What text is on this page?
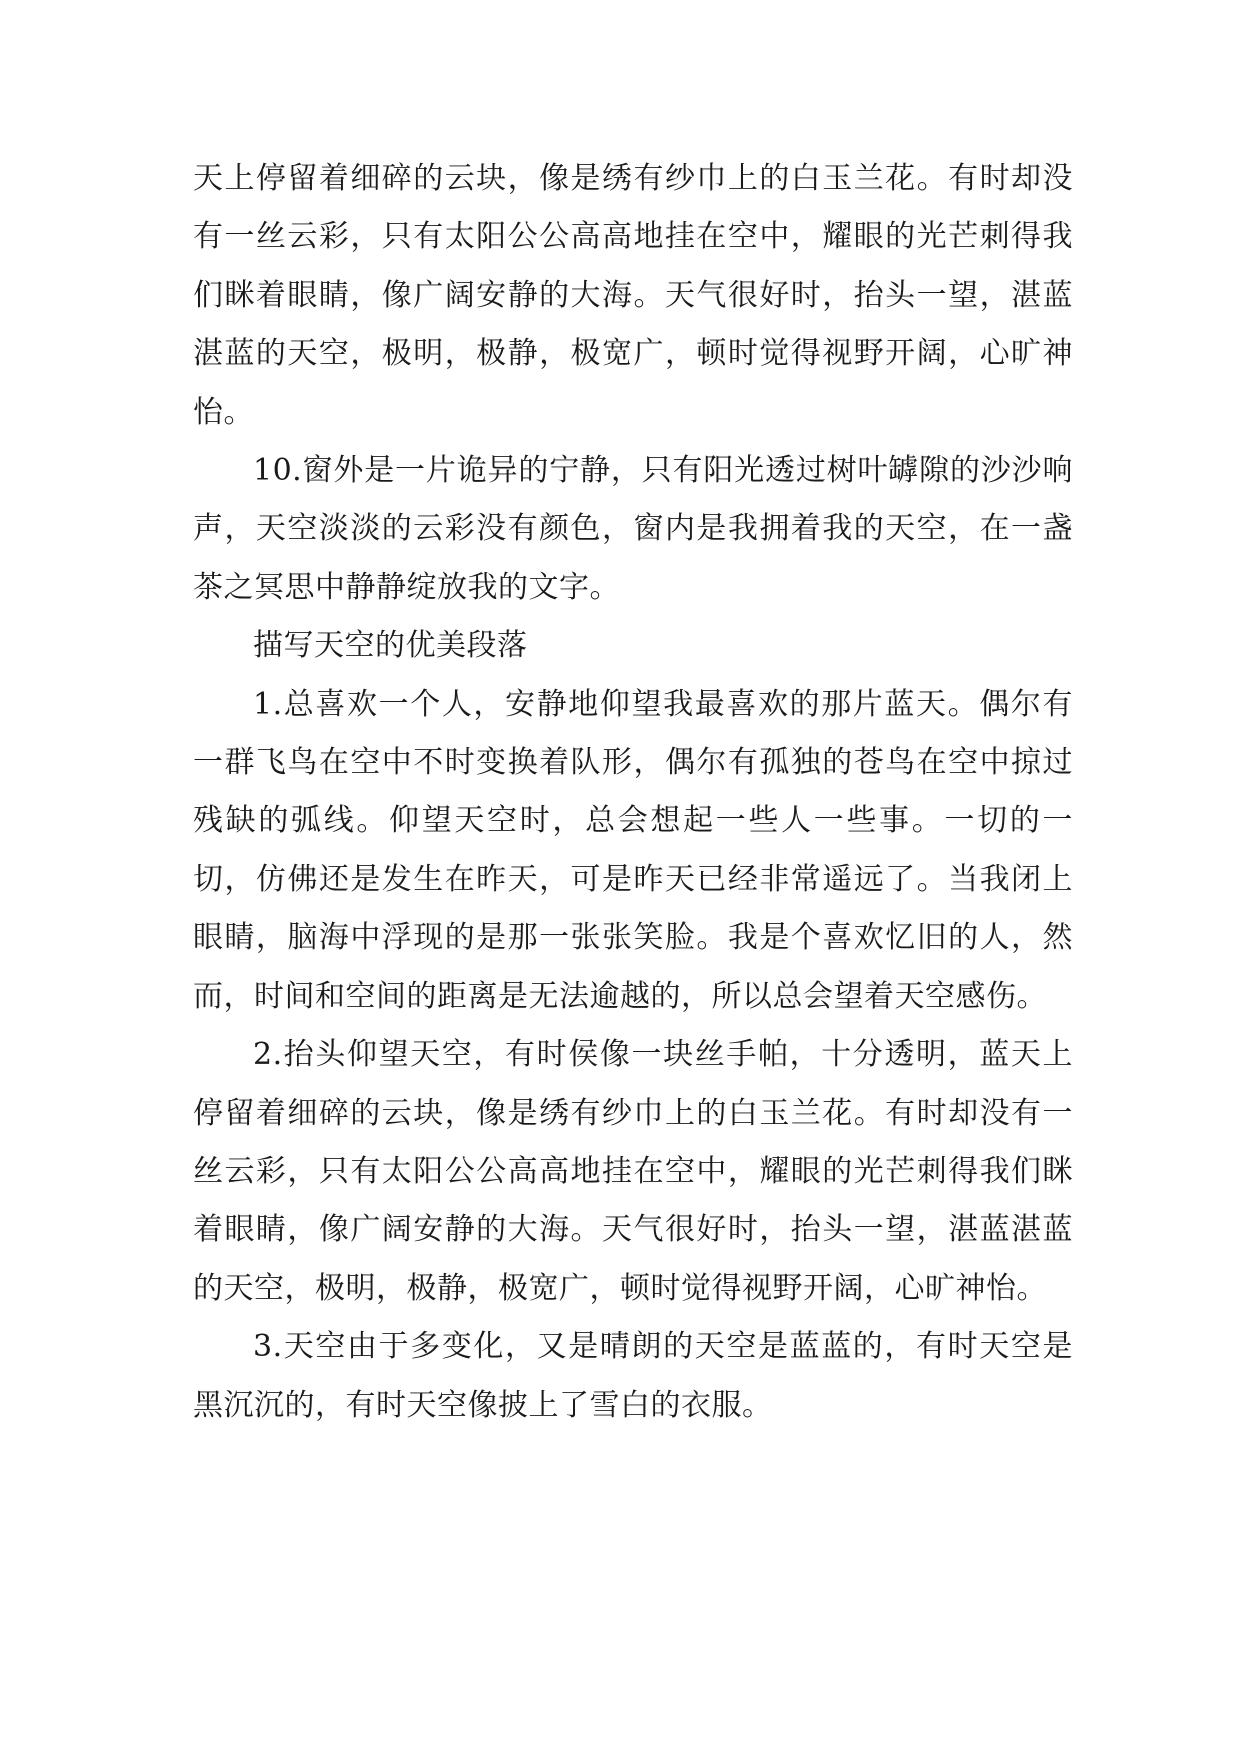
天上停留着细碎的云块，像是绣有纱巾上的白玉兰花。有时却没有一丝云彩，只有太阳公公高高地挂在空中，耀眼的光芒刺得我们眯着眼睛，像广阔安静的大海。天气很好时，抬头一望，湛蓝湛蓝的天空，极明，极静，极宽广，顿时觉得视野开阔，心旷神怡。

10.窗外是一片诡异的宁静，只有阳光透过树叶罅隙的沙沙响声，天空淡淡的云彩没有颜色，窗内是我拥着我的天空，在一盏茶之冥思中静静绽放我的文字。

描写天空的优美段落

1.总喜欢一个人，安静地仰望我最喜欢的那片蓝天。偶尔有一群飞鸟在空中不时变换着队形，偶尔有孤独的苍鸟在空中掠过残缺的弧线。仰望天空时，总会想起一些人一些事。一切的一切，仿佛还是发生在昨天，可是昨天已经非常遥远了。当我闭上眼睛，脑海中浮现的是那一张张笑脸。我是个喜欢忆旧的人，然而，时间和空间的距离是无法逾越的，所以总会望着天空感伤。

2.抬头仰望天空，有时侯像一块丝手帕，十分透明，蓝天上停留着细碎的云块，像是绣有纱巾上的白玉兰花。有时却没有一丝云彩，只有太阳公公高高地挂在空中，耀眼的光芒刺得我们眯着眼睛，像广阔安静的大海。天气很好时，抬头一望，湛蓝湛蓝的天空，极明，极静，极宽广，顿时觉得视野开阔，心旷神怡。

3.天空由于多变化，又是晴朗的天空是蓝蓝的，有时天空是黑沉沉的，有时天空像披上了雪白的衣服。
